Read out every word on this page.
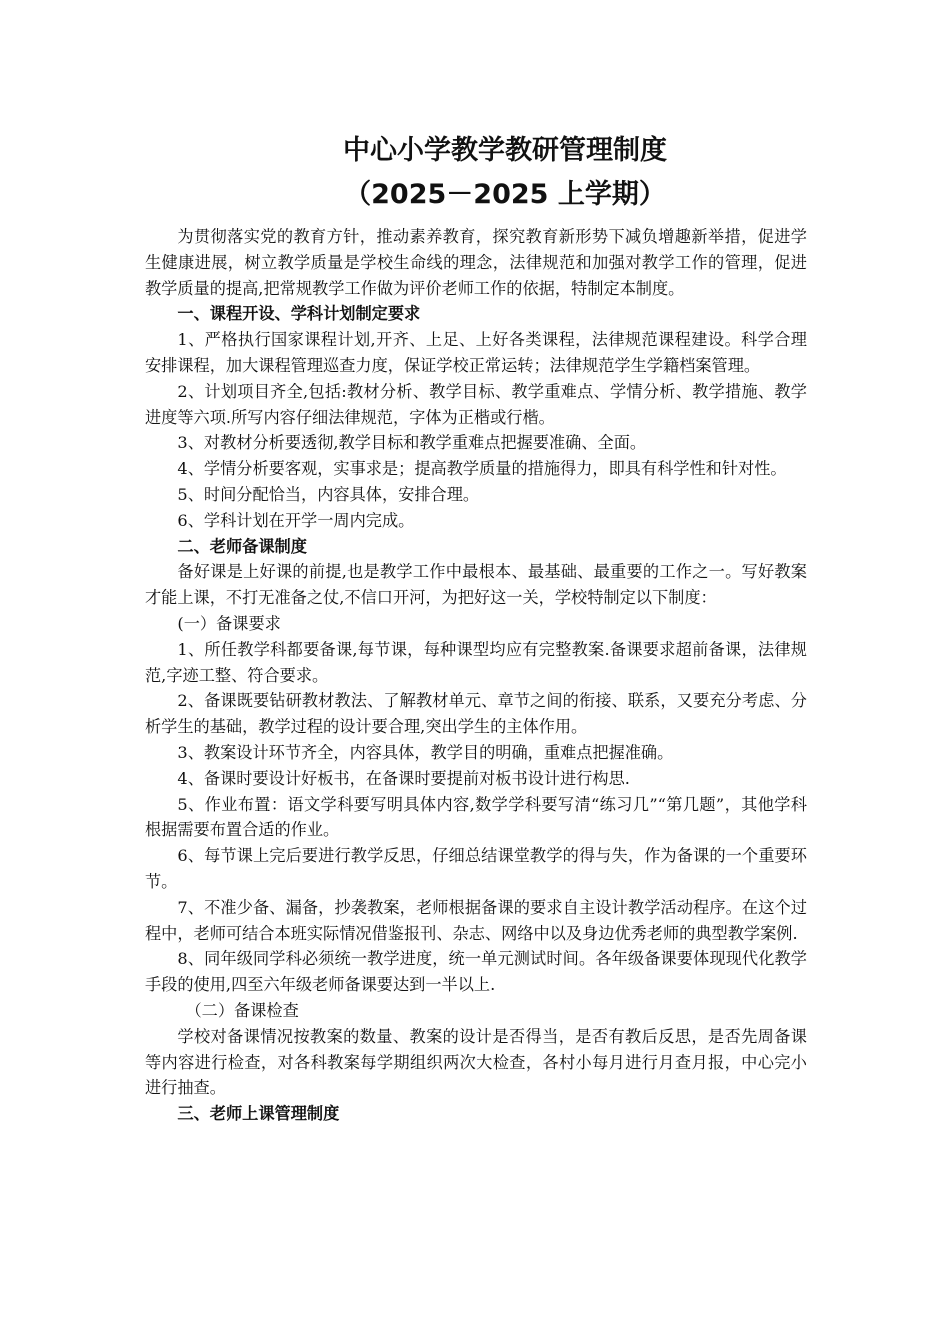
中心小学教学教研管理制度
（2025－2025 上学期）

为贯彻落实党的教育方针，推动素养教育，探究教育新形势下减负增趣新举措，促进学生健康进展，树立教学质量是学校生命线的理念，法律规范和加强对教学工作的管理，促进教学质量的提高,把常规教学工作做为评价老师工作的依据，特制定本制度。

一、课程开设、学科计划制定要求

1、严格执行国家课程计划,开齐、上足、上好各类课程，法律规范课程建设。科学合理安排课程，加大课程管理巡查力度，保证学校正常运转；法律规范学生学籍档案管理。

2、计划项目齐全,包括:教材分析、教学目标、教学重难点、学情分析、教学措施、教学进度等六项.所写内容仔细法律规范，字体为正楷或行楷。

3、对教材分析要透彻,教学目标和教学重难点把握要准确、全面。

4、学情分析要客观，实事求是；提高教学质量的措施得力，即具有科学性和针对性。

5、时间分配恰当，内容具体，安排合理。

6、学科计划在开学一周内完成。

二、老师备课制度

备好课是上好课的前提,也是教学工作中最根本、最基础、最重要的工作之一。写好教案才能上课，不打无准备之仗,不信口开河，为把好这一关，学校特制定以下制度：

(一）备课要求

1、所任教学科都要备课,每节课，每种课型均应有完整教案.备课要求超前备课，法律规范,字迹工整、符合要求。

2、备课既要钻研教材教法、了解教材单元、章节之间的衔接、联系，又要充分考虑、分析学生的基础，教学过程的设计要合理,突出学生的主体作用。

3、教案设计环节齐全，内容具体，教学目的明确，重难点把握准确。

4、备课时要设计好板书，在备课时要提前对板书设计进行构思.

5、作业布置：语文学科要写明具体内容,数学学科要写清“练习几”“第几题”，其他学科根据需要布置合适的作业。

6、每节课上完后要进行教学反思，仔细总结课堂教学的得与失，作为备课的一个重要环节。

7、不准少备、漏备，抄袭教案，老师根据备课的要求自主设计教学活动程序。在这个过程中，老师可结合本班实际情况借鉴报刊、杂志、网络中以及身边优秀老师的典型教学案例.

8、同年级同学科必须统一教学进度，统一单元测试时间。各年级备课要体现现代化教学手段的使用,四至六年级老师备课要达到一半以上.

（二）备课检查

学校对备课情况按教案的数量、教案的设计是否得当，是否有教后反思，是否先周备课等内容进行检查，对各科教案每学期组织两次大检查，各村小每月进行月查月报，中心完小进行抽查。

三、老师上课管理制度
